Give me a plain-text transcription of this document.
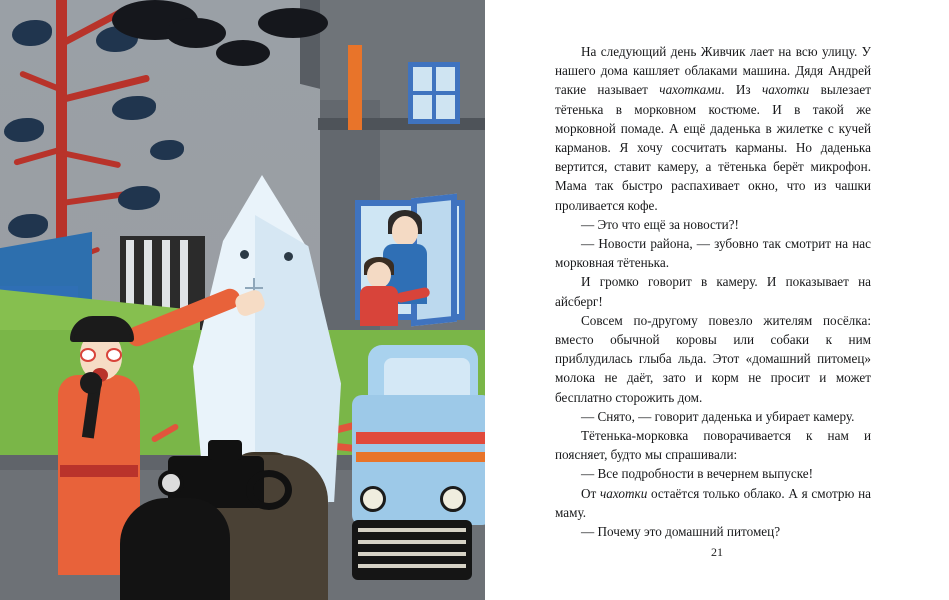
На следующий день Живчик лает на всю улицу. У нашего дома кашляет облаками машина. Дядя Андрей такие называет чахотками. Из чахотки вылезает тётенька в морковном костюме. И в такой же морковной помаде. А ещё даденька в жилетке с кучей карманов. Я хочу сосчитать карманы. Но даденька вертится, ставит камеру, а тётенька берёт микрофон. Мама так быстро распахивает окно, что из чашки проливается кофе.

— Это что ещё за новости?!

— Новости района, — зубовно так смотрит на нас морковная тётенька.

И громко говорит в камеру. И показывает на айсберг!

Совсем по-другому повезло жителям посёлка: вместо обычной коровы или собаки к ним приблудилась глыба льда. Этот «домашний питомец» молока не даёт, зато и корм не просит и может бесплатно сторожить дом.

— Снято, — говорит даденька и убирает камеру.

Тётенька-морковка поворачивается к нам и поясняет, будто мы спрашивали:

— Все подробности в вечернем выпуске!

От чахотки остаётся только облако. А я смотрю на маму.

— Почему это домашний питомец?

21
